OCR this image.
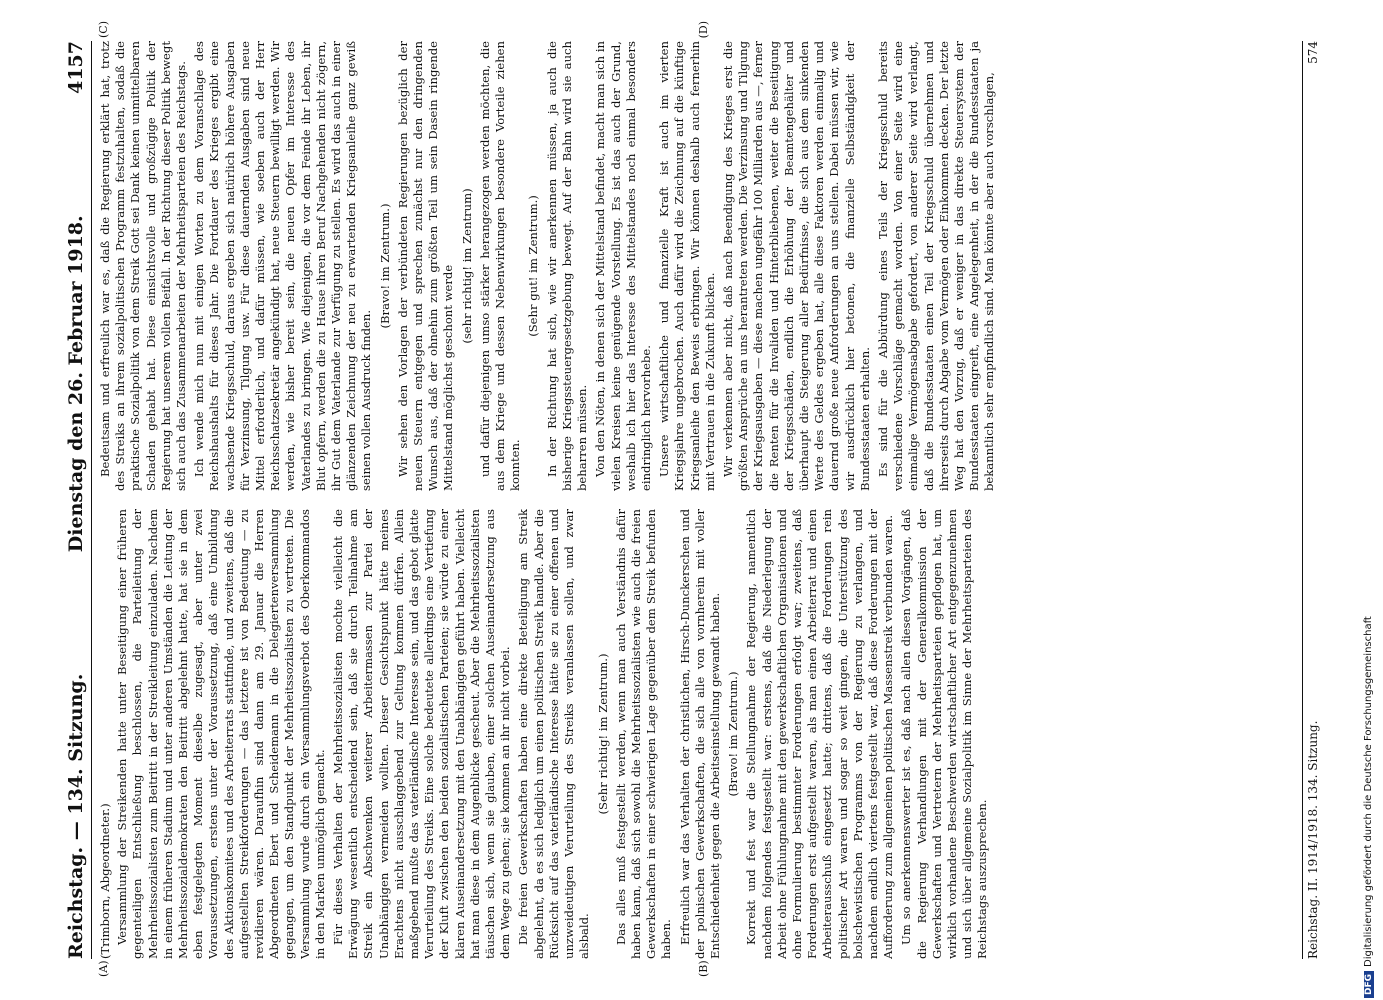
Reichstag. — 134. Sitzung.
Dienstag den 26. Februar 1918.
4157

(Trimborn, Abgeordneter.) Versammlung der Streikenden hatte unter Beseitigung einer früheren gegenteiligen Entschließung beschlossen, die Parteileitung der Mehrheitssozialisten zum Beitritt in der Streikleitung einzuladen. Nachdem in einem früheren Stadium und unter anderen Umständen die Leitung der Mehrheitssozialdemokraten den Beitritt abgelehnt hatte, hat sie in dem eben festgelegten Moment dieselbe zugesagt, aber unter zwei Voraussetzungen, erstens unter der Voraussetzung, daß eine Umbildung des Aktionskomitees und des Arbeiterrats stattfinde, und zweitens, daß die aufgestellten Streikforderungen — das letztere ist von Bedeutung — zu revidieren wären. Daraufhin sind dann am 29. Januar die Herren Abgeordneten Ebert und Scheidemann in die Delegiertenversammlung gegangen, um den Standpunkt der Mehrheitssozialisten zu vertreten. Die Versammlung wurde durch ein Versammlungsverbot des Oberkommandos in den Marken unmöglich gemacht. Für dieses Verhalten der Mehrheitssozialisten mochte vielleicht die Erwägung wesentlich entscheidend sein, daß sie durch Teilnahme am Streik ein Abschwenken weiterer Arbeitermassen zur Partei der Unabhängigen vermeiden wollten. Dieser Gesichtspunkt hätte meines Erachtens nicht ausschlaggebend zur Geltung kommen dürfen. Allein maßgebend mußte das vaterländische Interesse sein, und das gebot glatte Verurteilung des Streiks. Eine solche bedeutete allerdings eine Vertiefung der Kluft zwischen den beiden sozialistischen Parteien; sie würde zu einer klaren Auseinandersetzung mit den Unabhängigen geführt haben. Vielleicht hat man diese in dem Augenblicke gescheut. Aber die Mehrheitssozialisten täuschen sich, wenn sie glauben, einer solchen Auseinandersetzung aus dem Wege zu gehen; sie kommen an ihr nicht vorbei. Die freien Gewerkschaften haben eine direkte Beteiligung am Streik abgelehnt, da es sich lediglich um einen politischen Streik handle. Aber die Rücksicht auf das vaterländische Interesse hätte sie zu einer offenen und unzweideutigen Verurteilung des Streiks veranlassen sollen, und zwar alsbald.

(Sehr richtig! im Zentrum.) Das alles muß festgestellt werden, wenn man auch Verständnis dafür haben kann, daß sich sowohl die Mehrheitssozialisten wie auch die freien Gewerkschaften in einer schwierigen Lage gegenüber dem Streik befunden haben. Erfreulich war das Verhalten der christlichen, Hirsch-Dunckerschen und der polnischen Gewerkschaften, die sich alle von vornherein mit voller Entschiedenheit gegen die Arbeitseinstellung gewandt haben. (Bravo! im Zentrum.) Korrekt und fest war die Stellungnahme der Regierung, namentlich nachdem folgendes festgestellt war: erstens, daß die Niederlegung der Arbeit ohne Fühlungnahme mit den gewerkschaftlichen Organisationen und ohne Formulierung bestimmter Forderungen erfolgt war; zweitens, daß Forderungen erst aufgestellt waren, als man einen Arbeiterrat und einen Arbeiterausschuß eingesetzt hatte; drittens, daß die Forderungen rein politischer Art waren und sogar so weit gingen, die Unterstützung des bolschewistischen Programms von der Regierung zu verlangen, und nachdem endlich viertens festgestellt war, daß diese Forderungen mit der Aufforderung zum allgemeinen politischen Massenstreik verbunden waren. Um so anerkennenswerter ist es, daß nach allen diesen Vorgängen, daß die Regierung Verhandlungen mit der Generalkommission der Gewerkschaften und Vertretern der Mehrheitsparteien gepflogen hat, um wirklich vorhandene Beschwerden wirtschaftlicher Art entgegenzunehmen und sich über allgemeine Sozialpolitik im Sinne der Mehrheitsparteien des Reichstags auszusprechen.

Bedeutsam und erfreulich war es, daß die Regierung erklärt hat, trotz des Streiks an ihrem sozialpolitischen Programm festzuhalten, sodaß die praktische Sozialpolitik von dem Streik Gott sei Dank keinen unmittelbaren Schaden gehabt hat. Diese einsichtsvolle und großzügige Politik der Regierung hat unserem vollen Beifall. In der Richtung dieser Politik bewegt sich auch das Zusammenarbeiten der Mehrheitsparteien des Reichstags. Ich wende mich nun mit einigen Worten zu dem Voranschlage des Reichshaushalts für dieses Jahr. Die Fortdauer des Krieges ergibt eine wachsende Kriegsschuld, daraus ergeben sich natürlich höhere Ausgaben für Verzinsung, Tilgung usw. Für diese dauernden Ausgaben sind neue Mittel erforderlich, und dafür müssen, wie soeben auch der Herr Reichsschatzsekretär angekündigt hat, neue Steuern bewilligt werden. Wir werden, wie bisher bereit sein, die neuen Opfer im Interesse des Vaterlandes zu bringen. Wie diejenigen, die vor dem Feinde ihr Leben, ihr Blut opfern, werden die zu Hause ihren Beruf Nachgehenden nicht zögern, ihr Gut dem Vaterlande zur Verfügung zu stellen. Es wird das auch in einer glänzenden Zeichnung der neu zu erwartenden Kriegsanleihe ganz gewiß seinen vollen Ausdruck finden.

(Bravo! im Zentrum.) Wir sehen den Vorlagen der verbündeten Regierungen bezüglich der neuen Steuern entgegen und sprechen zunächst nur den dringenden Wunsch aus, daß der ohnehin zum größten Teil um sein Dasein ringende Mittelstand möglichst geschont werde (sehr richtig! im Zentrum) und dafür diejenigen umso stärker herangezogen werden möchten, die aus dem Kriege und dessen Nebenwirkungen besondere Vorteile ziehen konnten.

(Sehr gut! im Zentrum.) In der Richtung hat sich, wie wir anerkennen müssen, ja auch die bisherige Kriegssteuergesetzgebung bewegt. Auf der Bahn wird sie auch beharren müssen. Von den Nöten, in denen sich der Mittelstand befindet, macht man sich in vielen Kreisen keine genügende Vorstellung. Es ist das auch der Grund, weshalb ich hier das Interesse des Mittelstandes noch einmal besonders eindringlich hervorhebe. Unsere wirtschaftliche und finanzielle Kraft ist auch im vierten Kriegsjahre ungebrochen. Auch dafür wird die Zeichnung auf die künftige Kriegsanleihe den Beweis erbringen. Wir können deshalb auch fernerhin mit Vertrauen in die Zukunft blicken. Wir verkennen aber nicht, daß nach Beendigung des Krieges erst die größten Ansprüche an uns herantreten werden. Die Verzinsung und Tilgung der Kriegsausgaben — diese machen ungefähr 100 Milliarden aus —, ferner die Renten für die Invaliden und Hinterbliebenen, weiter die Beseitigung der Kriegsschäden, endlich die Erhöhung der Beamtengehälter und überhaupt die Steigerung aller Bedürfnisse, die sich aus dem sinkenden Werte des Geldes ergeben hat, alle diese Faktoren werden einmalig und dauernd große neue Anforderungen an uns stellen. Dabei müssen wir, wie wir ausdrücklich hier betonen, die finanzielle Selbständigkeit der Bundesstaaten erhalten. Es sind für die Abbürdung eines Teils der Kriegsschuld bereits verschiedene Vorschläge gemacht worden. Von einer Seite wird eine einmalige Vermögensabgabe gefordert, von anderer Seite wird verlangt, daß die Bundesstaaten einen Teil der Kriegsschuld übernehmen und ihrerseits durch Abgabe vom Vermögen oder Einkommen decken. Der letzte Weg hat den Vorzug, daß er weniger in das direkte Steuersystem der Bundesstaaten eingreift, eine Angelegenheit, in der die Bundesstaaten ja bekanntlich sehr empfindlich sind. Man könnte aber auch vorschlagen,

Reichstag. II. 1914/1918. 134. Sitzung.
574
(A)	(B)
(C)	(D)
DFGDigitalisierung gefördert durch die Deutsche Forschungsgemeinschaft
